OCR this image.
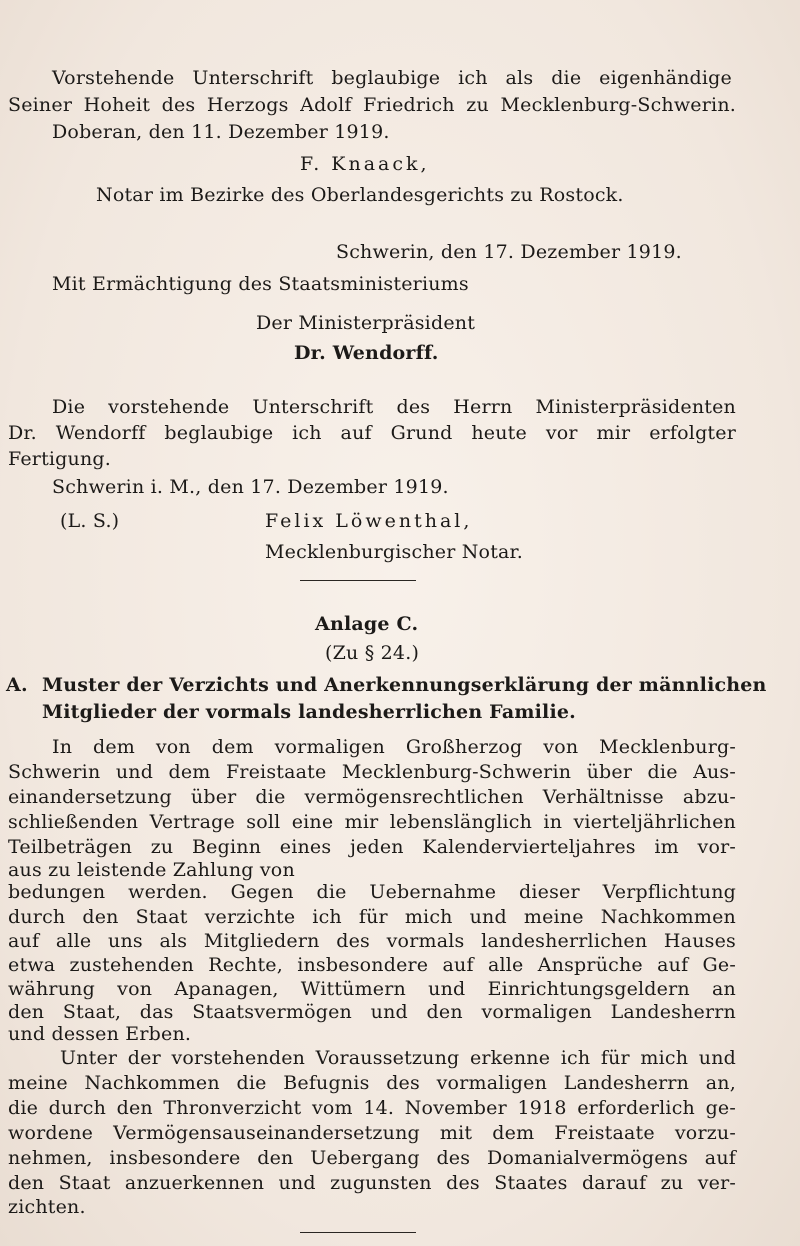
Vorstehende Unterschrift beglaubige ich als die eigenhändige
Seiner Hoheit des Herzogs Adolf Friedrich zu Mecklenburg-Schwerin.
Doberan, den 11. Dezember 1919.
F. Knaack,
Notar im Bezirke des Oberlandesgerichts zu Rostock.
Schwerin, den 17. Dezember 1919.
Mit Ermächtigung des Staatsministeriums
Der Ministerpräsident
Dr. Wendorff.
Die vorstehende Unterschrift des Herrn Ministerpräsidenten
Dr. Wendorff beglaubige ich auf Grund heute vor mir erfolgter
Fertigung.
Schwerin i. M., den 17. Dezember 1919.
(L. S.)	Felix Löwenthal,
Mecklenburgischer Notar.
Anlage C.
(Zu § 24.)
A. Muster der Verzichts und Anerkennungserklärung der männlichen
Mitglieder der vormals landesherrlichen Familie.
In dem von dem vormaligen Großherzog von Mecklenburg-
Schwerin und dem Freistaate Mecklenburg-Schwerin über die Aus-
einandersetzung über die vermögensrechtlichen Verhältnisse abzu-
schließenden Vertrage soll eine mir lebenslänglich in vierteljährlichen
Teilbeträgen zu Beginn eines jeden Kalendervierteljahres im vor-
aus zu leistende Zahlung von
bedungen werden. Gegen die Uebernahme dieser Verpflichtung
durch den Staat verzichte ich für mich und meine Nachkommen
auf alle uns als Mitgliedern des vormals landesherrlichen Hauses
etwa zustehenden Rechte, insbesondere auf alle Ansprüche auf Ge-
währung von Apanagen, Wittümern und Einrichtungsgeldern an
den Staat, das Staatsvermögen und den vormaligen Landesherrn
und dessen Erben.
Unter der vorstehenden Voraussetzung erkenne ich für mich und
meine Nachkommen die Befugnis des vormaligen Landesherrn an,
die durch den Thronverzicht vom 14. November 1918 erforderlich ge-
wordene Vermögensauseinandersetzung mit dem Freistaate vorzu-
nehmen, insbesondere den Uebergang des Domanialvermögens auf
den Staat anzuerkennen und zugunsten des Staates darauf zu ver-
zichten.
